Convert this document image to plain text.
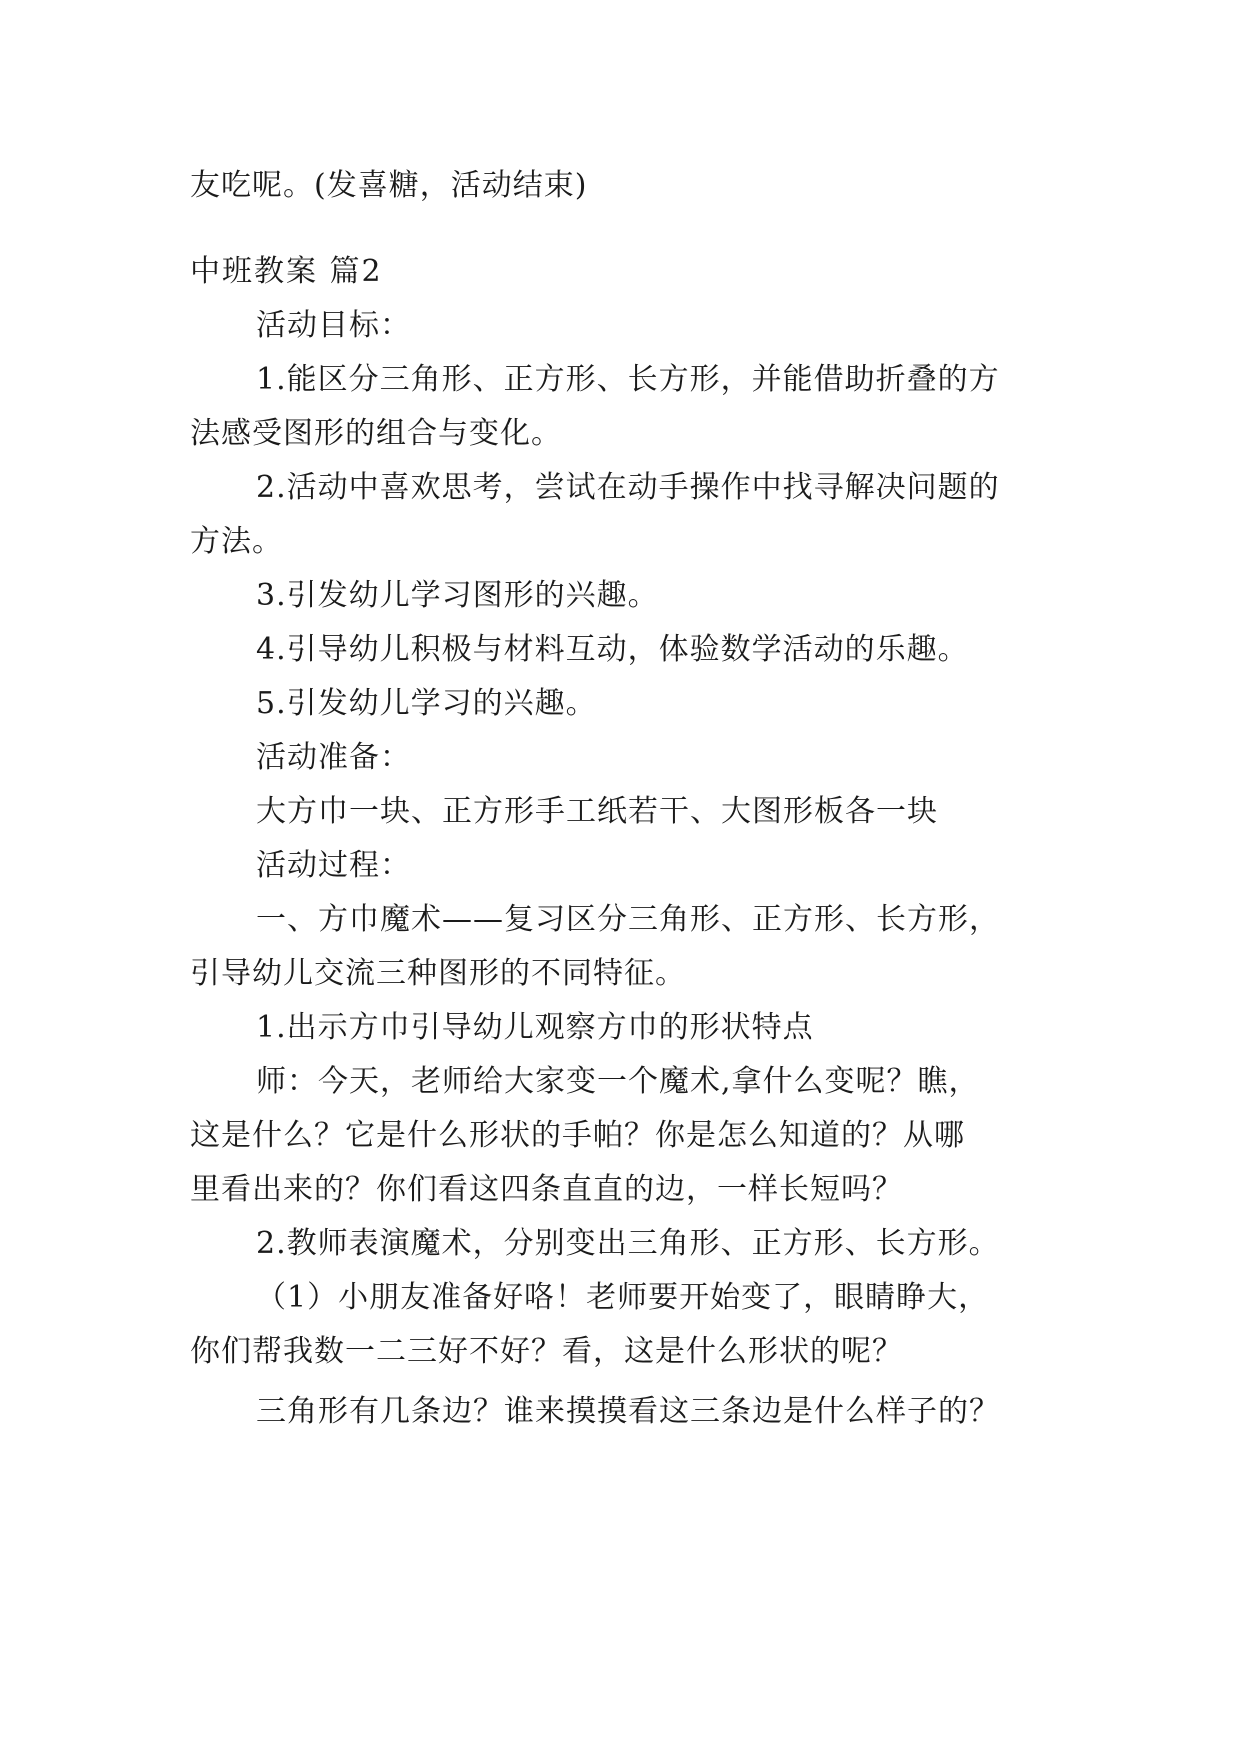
友吃呢。(发喜糖，活动结束)
中班教案 篇2
活动目标：
1.能区分三角形、正方形、长方形，并能借助折叠的方
法感受图形的组合与变化。
2.活动中喜欢思考，尝试在动手操作中找寻解决问题的
方法。
3.引发幼儿学习图形的兴趣。
4.引导幼儿积极与材料互动，体验数学活动的乐趣。
5.引发幼儿学习的兴趣。
活动准备：
大方巾一块、正方形手工纸若干、大图形板各一块
活动过程：
一、方巾魔术——复习区分三角形、正方形、长方形，
引导幼儿交流三种图形的不同特征。
1.出示方巾引导幼儿观察方巾的形状特点
师：今天，老师给大家变一个魔术,拿什么变呢？瞧，
这是什么？它是什么形状的手帕？你是怎么知道的？从哪
里看出来的？你们看这四条直直的边，一样长短吗？
2.教师表演魔术，分别变出三角形、正方形、长方形。
（1）小朋友准备好咯！老师要开始变了，眼睛睁大，
你们帮我数一二三好不好？看，这是什么形状的呢？
三角形有几条边？谁来摸摸看这三条边是什么样子的？
